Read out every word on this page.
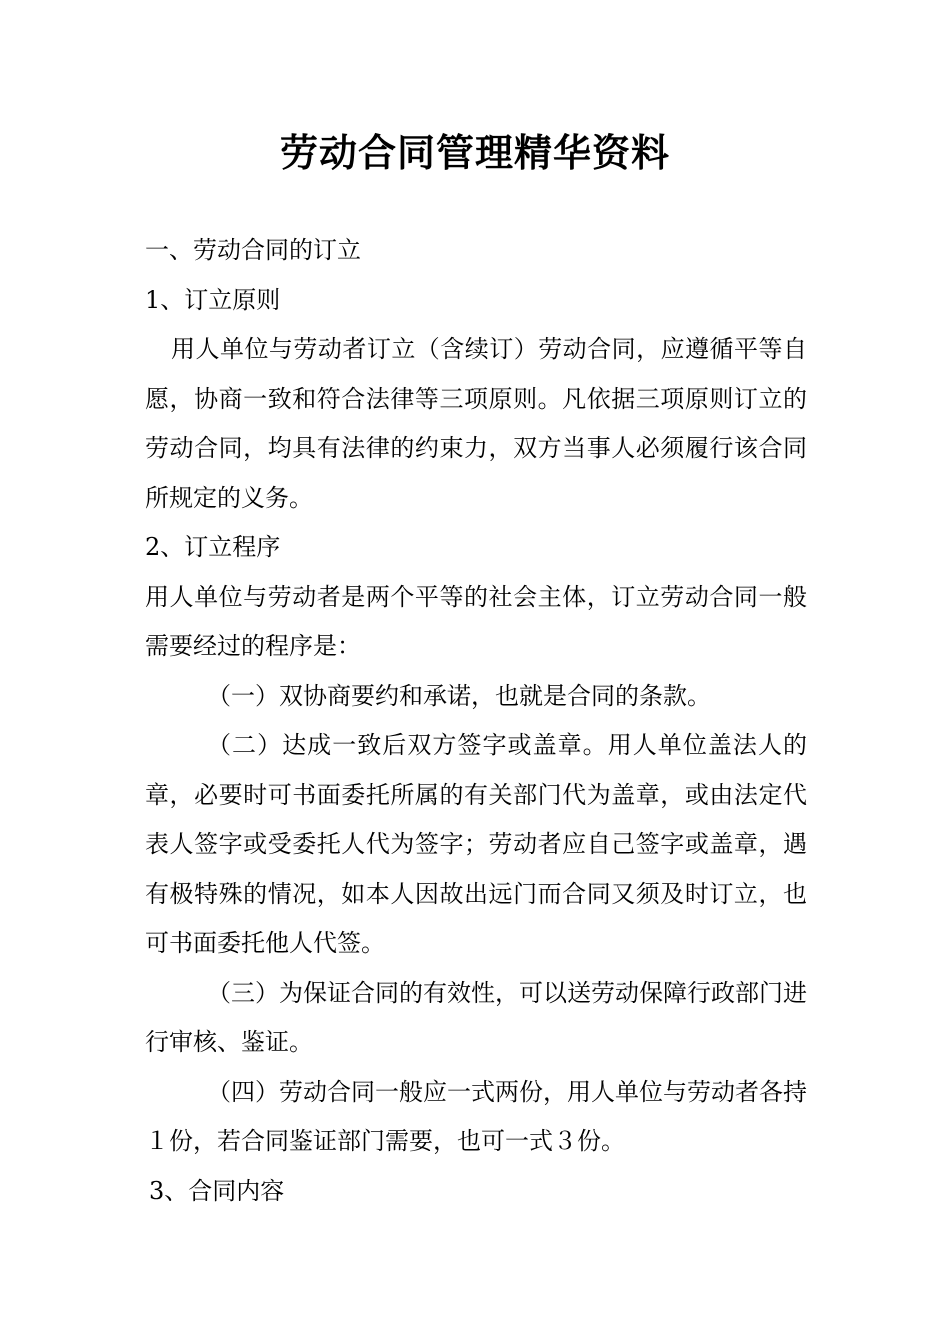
劳动合同管理精华资料

一、劳动合同的订立

1、订立原则

用人单位与劳动者订立（含续订）劳动合同，应遵循平等自愿，协商一致和符合法律等三项原则。凡依据三项原则订立的劳动合同，均具有法律的约束力，双方当事人必须履行该合同所规定的义务。

2、订立程序

用人单位与劳动者是两个平等的社会主体，订立劳动合同一般需要经过的程序是：

（一）双协商要约和承诺，也就是合同的条款。

（二）达成一致后双方签字或盖章。用人单位盖法人的章，必要时可书面委托所属的有关部门代为盖章，或由法定代表人签字或受委托人代为签字；劳动者应自己签字或盖章，遇有极特殊的情况，如本人因故出远门而合同又须及时订立，也可书面委托他人代签。

（三）为保证合同的有效性，可以送劳动保障行政部门进行审核、鉴证。

（四）劳动合同一般应一式两份，用人单位与劳动者各持１份，若合同鉴证部门需要，也可一式３份。

3、合同内容
